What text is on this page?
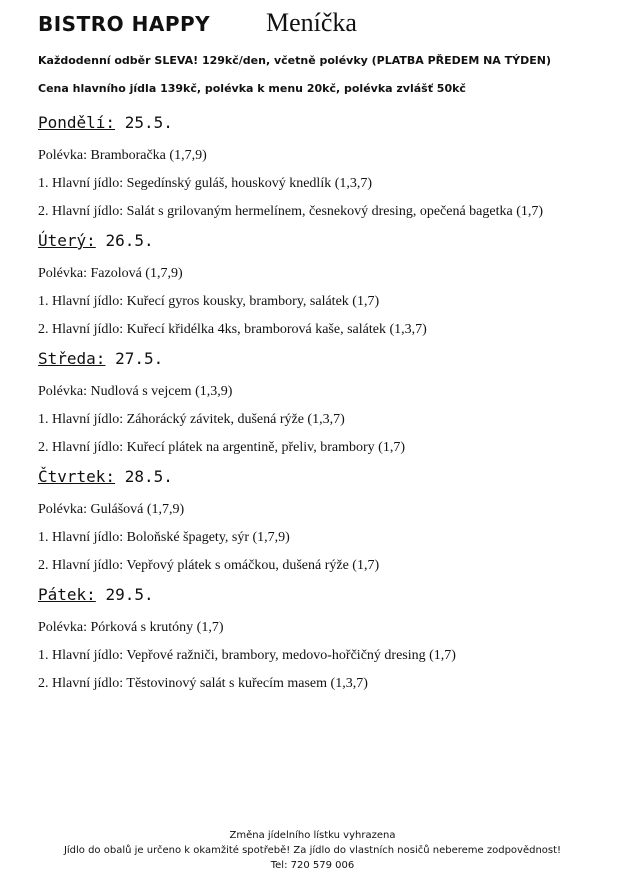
BISTRO HAPPY Meníčka
Každodenní odběr SLEVA! 129kč/den, včetně polévky (PLATBA PŘEDEM NA TÝDEN)
Cena hlavního jídla 139kč, polévka k menu 20kč, polévka zvlášť 50kč
Pondělí: 25.5.
Polévka: Bramboračka (1,7,9)
1. Hlavní jídlo: Segedínský guláš, houskový knedlík (1,3,7)
2. Hlavní jídlo: Salát s grilovaným hermelínem, česnekový dresing, opečená bagetka (1,7)
Úterý: 26.5.
Polévka: Fazolová (1,7,9)
1. Hlavní jídlo: Kuřecí gyros kousky, brambory, salátek (1,7)
2. Hlavní jídlo: Kuřecí křidélka 4ks, bramborová kaše, salátek (1,3,7)
Středa: 27.5.
Polévka: Nudlová s vejcem (1,3,9)
1. Hlavní jídlo: Záhorácký závitek, dušená rýže (1,3,7)
2. Hlavní jídlo: Kuřecí plátek na argentině, přeliv, brambory (1,7)
Čtvrtek: 28.5.
Polévka: Gulášová (1,7,9)
1. Hlavní jídlo: Boloňské špagety, sýr (1,7,9)
2. Hlavní jídlo: Vepřový plátek s omáčkou, dušená rýže (1,7)
Pátek: 29.5.
Polévka: Pórková s krutóny (1,7)
1. Hlavní jídlo: Vepřové ražniči, brambory, medovo-hořčičný dresing (1,7)
2. Hlavní jídlo: Těstovinový salát s kuřecím masem (1,3,7)
Změna jídelního lístku vyhrazena
Jídlo do obalů je určeno k okamžité spotřebě! Za jídlo do vlastních nosičů nebereme zodpovědnost!
Tel: 720 579 006
